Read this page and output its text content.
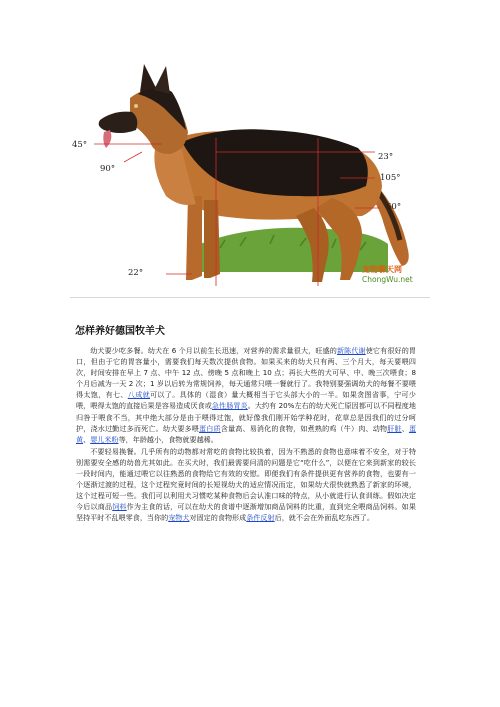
45°
90°
23°
105°
60°
22°	宠物聊天网
ChongWu.net
怎样养好德国牧羊犬

幼犬要少吃多餐。幼犬在 6 个月以前生长迅速，对营养的需求量很大，旺盛的新陈代谢使它有很好的胃口，但由于它的胃容量小，需要我们每天数次提供食物。如果买来的幼犬只有两、三个月大，每天要喂四次，时间安排在早上 7 点、中午 12 点、傍晚 5 点和晚上 10 点；再长大些的犬可早、中、晚三次喂食；8 个月后减为一天 2 次；1 岁以后转为常规饲养，每天通常只喂一餐就行了。我特别要强调幼犬的每餐不要喂得太饱，有七、八成就可以了。具体的（湿食）量大概相当于它头部大小的一半。如果贪图省事，宁可少喂，喂得太饱的直接后果是容易造成厌食或急性肠胃炎。大约有 20%左右的幼犬死亡原因都可以不同程度地归咎于喂食不当，其中绝大部分是由于喂得过饱，就好像我们刚开始学种花时，花草总是因我们的过分呵护，浇水过勤过多而死亡。幼犬要多喂蛋白质含量高、易消化的食物，如煮熟的鸡（牛）肉、动物肝脏、蛋黄、婴儿米粉等，年龄越小，食物就要越稀。

不要轻易换餐。几乎所有的动物都对常吃的食物比较执着，因为不熟悉的食物也意味着不安全，对于特别需要安全感的幼兽尤其如此。在买犬时，我们最需要问清的问题是它“吃什么”，以便在它来到新家的较长一段时间内，能通过喂它以往熟悉的食物给它有效的安慰。即便我们有条件提供更有营养的食物，也要有一个逐渐过渡的过程，这个过程究竟时间的长短视幼犬的适应情况而定，如果幼犬很快就熟悉了新家的环境，这个过程可短一些。我们可以利用犬习惯吃某种食物后会认准口味的特点，从小就进行认食训练。假如决定今后以商品饲料作为主食的话，可以在幼犬的食谱中逐渐增加商品饲料的比重，直到完全喂商品饲料。如果坚持平时不乱喂零食，当你的宠物犬对固定的食物形成条件反射后，就不会在外面乱吃东西了。
